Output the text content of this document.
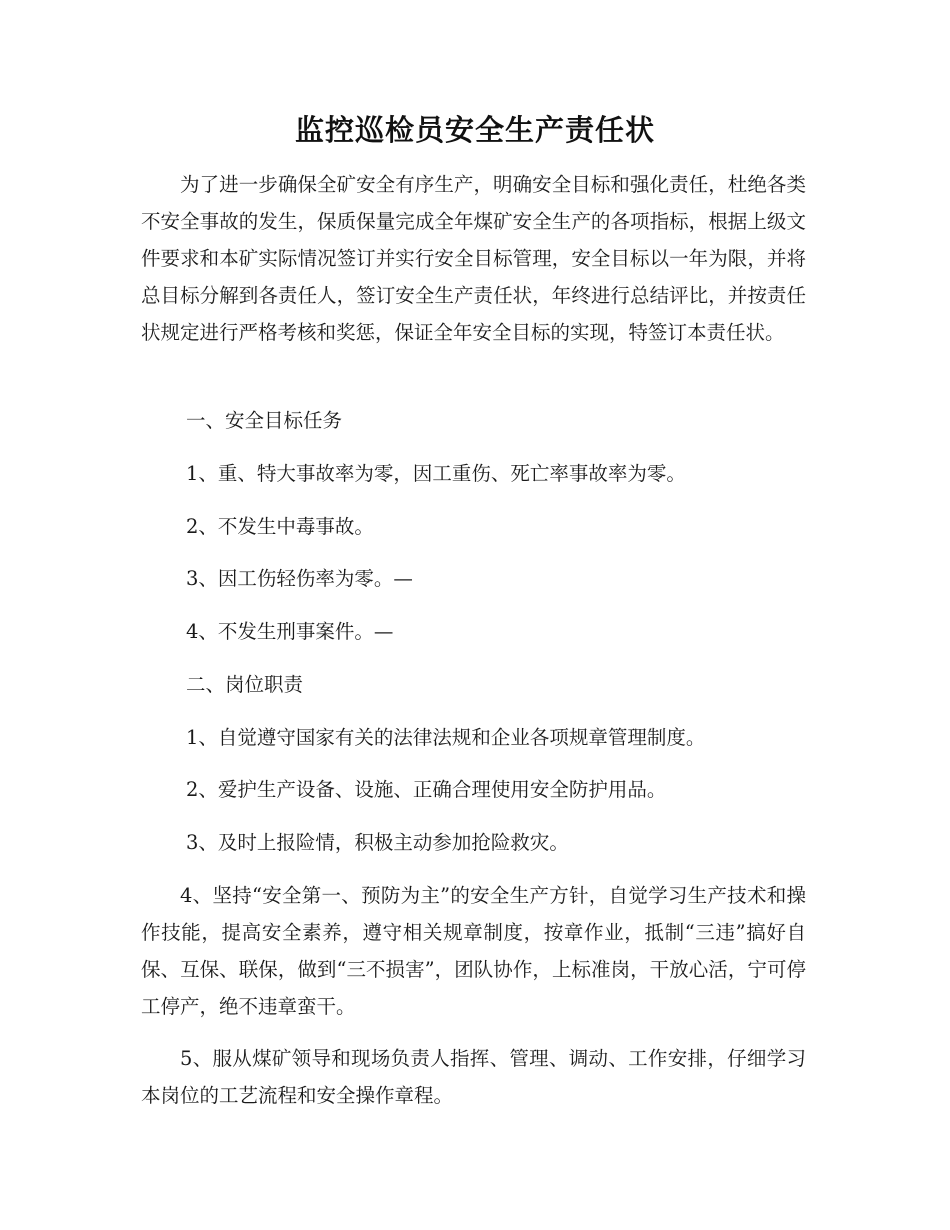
监控巡检员安全生产责任状

为了进一步确保全矿安全有序生产，明确安全目标和强化责任，杜绝各类不安全事故的发生，保质保量完成全年煤矿安全生产的各项指标，根据上级文件要求和本矿实际情况签订并实行安全目标管理，安全目标以一年为限，并将总目标分解到各责任人，签订安全生产责任状，年终进行总结评比，并按责任状规定进行严格考核和奖惩，保证全年安全目标的实现，特签订本责任状。

一、安全目标任务

1、重、特大事故率为零，因工重伤、死亡率事故率为零。

2、不发生中毒事故。

3、因工伤轻伤率为零。—

4、不发生刑事案件。—

二、岗位职责

1、自觉遵守国家有关的法律法规和企业各项规章管理制度。

2、爱护生产设备、设施、正确合理使用安全防护用品。

3、及时上报险情，积极主动参加抢险救灾。

4、坚持“安全第一、预防为主”的安全生产方针，自觉学习生产技术和操作技能，提高安全素养，遵守相关规章制度，按章作业，抵制“三违”搞好自保、互保、联保，做到“三不损害”，团队协作，上标准岗，干放心活，宁可停工停产，绝不违章蛮干。

5、服从煤矿领导和现场负责人指挥、管理、调动、工作安排，仔细学习本岗位的工艺流程和安全操作章程。
